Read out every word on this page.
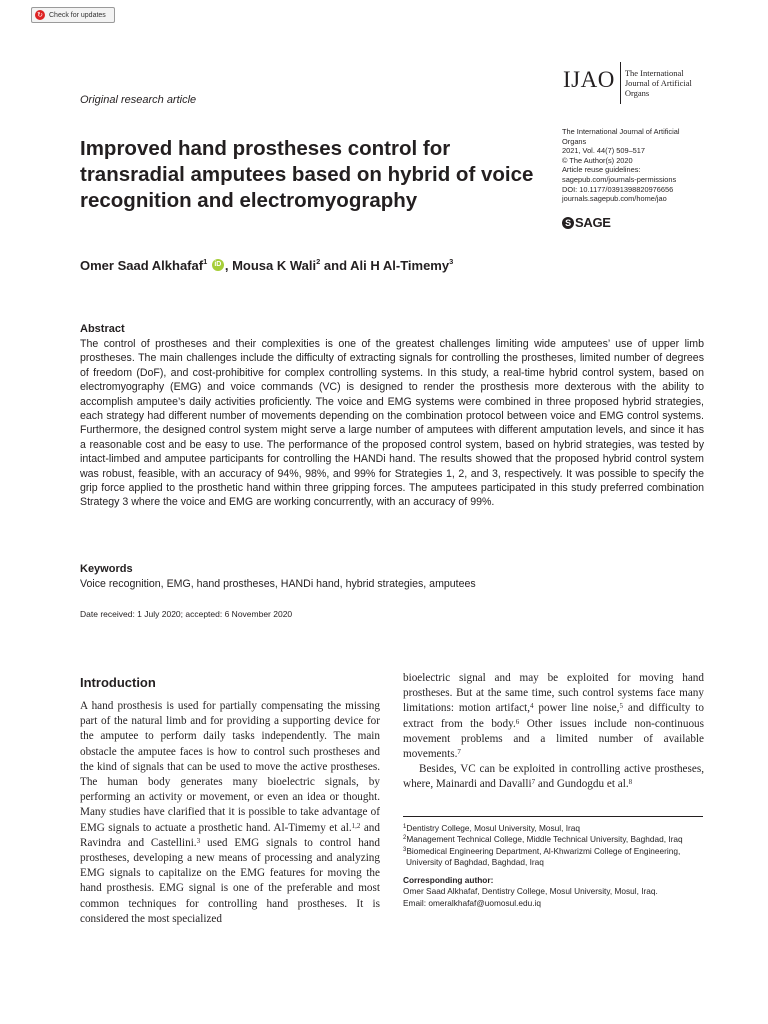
↻ Check for updates
Original research article
IJAO	The International
Journal of Artificial
Organs
The International Journal of Artificial
Organs
2021, Vol. 44(7) 509–517
© The Author(s) 2020
Article reuse guidelines:
sagepub.com/journals-permissions
DOI: 10.1177/0391398820976656
journals.sagepub.com/home/jao
S SAGE
Improved hand prostheses control for transradial amputees based on hybrid of voice recognition and electromyography
Omer Saad Alkhafaf$^1$ iD , Mousa K Wali$^2$ and Ali H Al-Timemy$^3$
Abstract

The control of prostheses and their complexities is one of the greatest challenges limiting wide amputees’ use of upper limb prostheses. The main challenges include the difficulty of extracting signals for controlling the prostheses, limited number of degrees of freedom (DoF), and cost-prohibitive for complex controlling systems. In this study, a real-time hybrid control system, based on electromyography (EMG) and voice commands (VC) is designed to render the prosthesis more dexterous with the ability to accomplish amputee’s daily activities proficiently. The voice and EMG systems were combined in three proposed hybrid strategies, each strategy had different number of movements depending on the combination protocol between voice and EMG control systems. Furthermore, the designed control system might serve a large number of amputees with different amputation levels, and since it has a reasonable cost and be easy to use. The performance of the proposed control system, based on hybrid strategies, was tested by intact-limbed and amputee participants for controlling the HANDi hand. The results showed that the proposed hybrid control system was robust, feasible, with an accuracy of 94%, 98%, and 99% for Strategies 1, 2, and 3, respectively. It was possible to specify the grip force applied to the prosthetic hand within three gripping forces. The amputees participated in this study preferred combination Strategy 3 where the voice and EMG are working concurrently, with an accuracy of 99%.

Keywords
Voice recognition, EMG, hand prostheses, HANDi hand, hybrid strategies, amputees
Date received: 1 July 2020; accepted: 6 November 2020
Introduction

A hand prosthesis is used for partially compensating the missing part of the natural limb and for providing a supporting device for the amputee to perform daily tasks independently. The main obstacle the amputee faces is how to control such prostheses and the kind of signals that can be used to move the active prostheses. The human body generates many bioelectric signals, by performing an activity or movement, or even an idea or thought. Many studies have clarified that it is possible to take advantage of EMG signals to actuate a prosthetic hand. Al-Timemy et al.$^{1,2}$ and Ravindra and Castellini.$^3$ used EMG signals to control hand prostheses, developing a new means of processing and analyzing EMG signals to capitalize on the EMG features for moving the hand prosthesis. EMG signal is one of the preferable and most common techniques for controlling hand prostheses. It is considered the most specialized

bioelectric signal and may be exploited for moving hand prostheses. But at the same time, such control systems face many limitations: motion artifact,$^4$ power line noise,$^5$ and difficulty to extract from the body.$^6$ Other issues include non-continuous movement problems and a limited number of available movements.$^7$

Besides, VC can be exploited in controlling active prostheses, where, Mainardi and Davalli$^7$ and Gundogdu et al.$^8$

$^1$Dentistry College, Mosul University, Mosul, Iraq
$^2$Management Technical College, Middle Technical University, Baghdad, Iraq
$^3$Biomedical Engineering Department, Al-Khwarizmi College of Engineering, University of Baghdad, Baghdad, Iraq
Corresponding author:
Omer Saad Alkhafaf, Dentistry College, Mosul University, Mosul, Iraq.
Email: omeralkhafaf@uomosul.edu.iq
